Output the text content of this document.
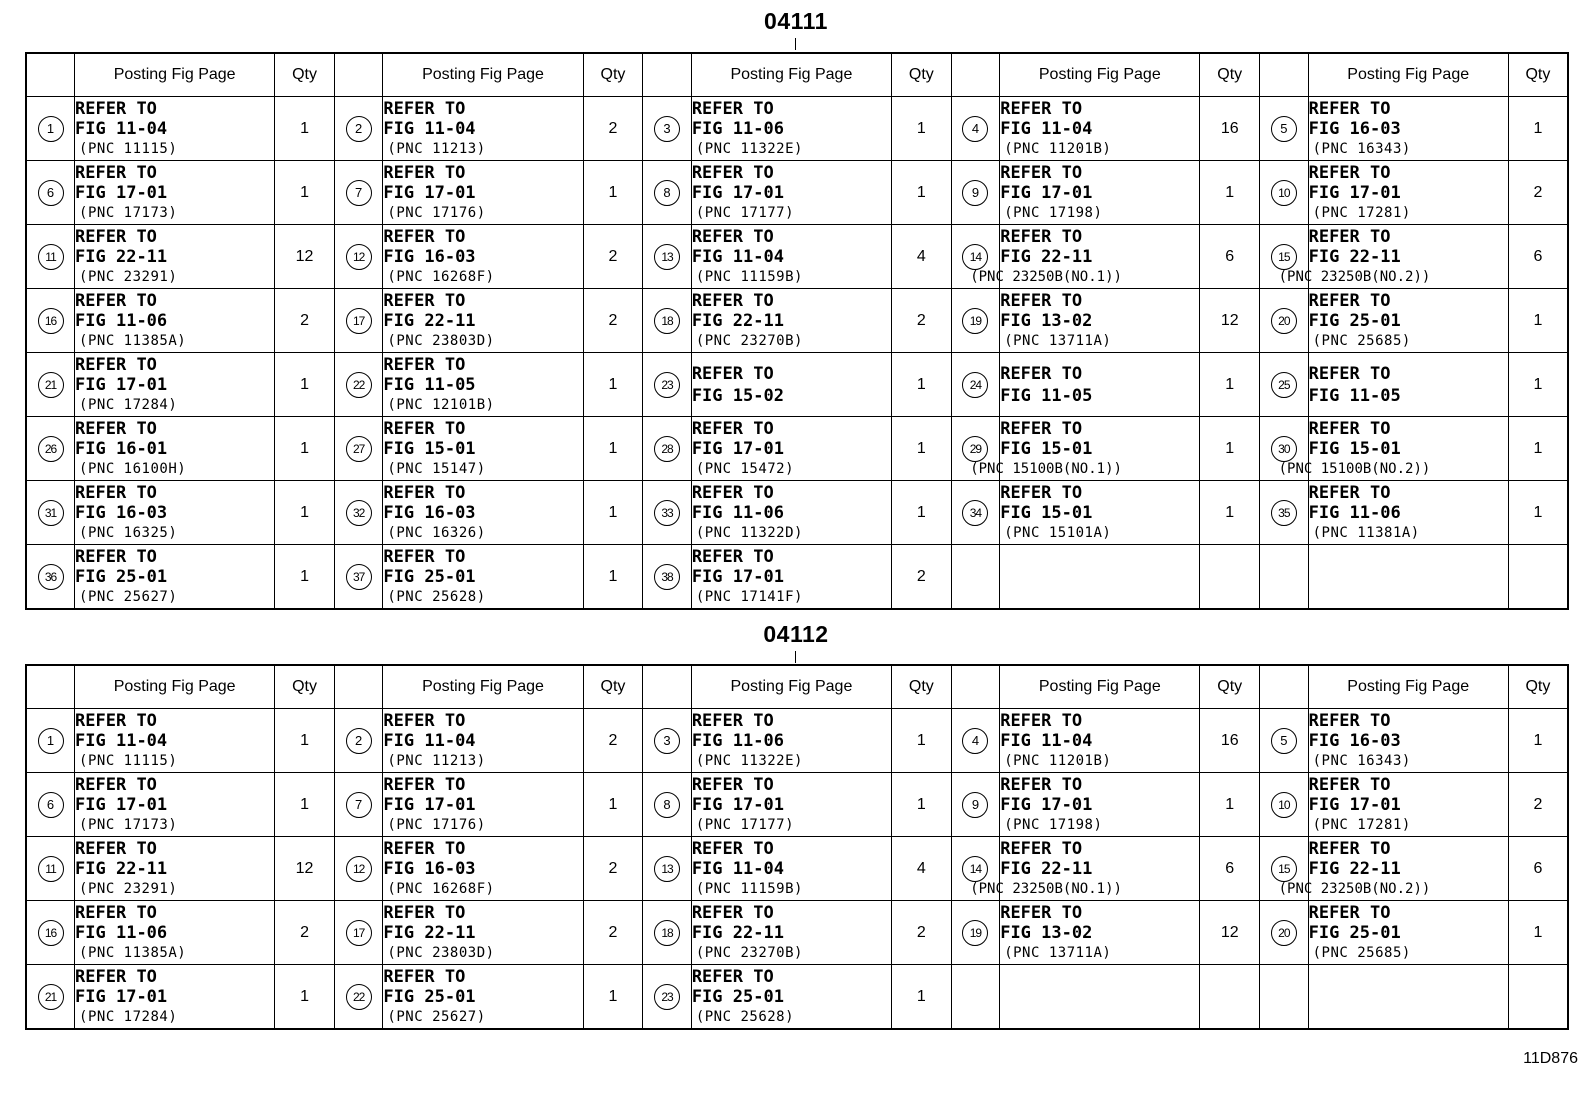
04111
	Posting Fig Page	Qty		Posting Fig Page	Qty		Posting Fig Page	Qty		Posting Fig Page	Qty		Posting Fig Page	Qty
1	REFER TO
FIG 11-04
(PNC 11115)	1	2	REFER TO
FIG 11-04
(PNC 11213)	2	3	REFER TO
FIG 11-06
(PNC 11322E)	1	4	REFER TO
FIG 11-04
(PNC 11201B)	16	5	REFER TO
FIG 16-03
(PNC 16343)	1
6	REFER TO
FIG 17-01
(PNC 17173)	1	7	REFER TO
FIG 17-01
(PNC 17176)	1	8	REFER TO
FIG 17-01
(PNC 17177)	1	9	REFER TO
FIG 17-01
(PNC 17198)	1	10	REFER TO
FIG 17-01
(PNC 17281)	2
11	REFER TO
FIG 22-11
(PNC 23291)	12	12	REFER TO
FIG 16-03
(PNC 16268F)	2	13	REFER TO
FIG 11-04
(PNC 11159B)	4	14	REFER TO
FIG 22-11
(PNC 23250B(NO.1))	6	15	REFER TO
FIG 22-11
(PNC 23250B(NO.2))	6
16	REFER TO
FIG 11-06
(PNC 11385A)	2	17	REFER TO
FIG 22-11
(PNC 23803D)	2	18	REFER TO
FIG 22-11
(PNC 23270B)	2	19	REFER TO
FIG 13-02
(PNC 13711A)	12	20	REFER TO
FIG 25-01
(PNC 25685)	1
21	REFER TO
FIG 17-01
(PNC 17284)	1	22	REFER TO
FIG 11-05
(PNC 12101B)	1	23	REFER TO
FIG 15-02	1	24	REFER TO
FIG 11-05	1	25	REFER TO
FIG 11-05	1
26	REFER TO
FIG 16-01
(PNC 16100H)	1	27	REFER TO
FIG 15-01
(PNC 15147)	1	28	REFER TO
FIG 17-01
(PNC 15472)	1	29	REFER TO
FIG 15-01
(PNC 15100B(NO.1))	1	30	REFER TO
FIG 15-01
(PNC 15100B(NO.2))	1
31	REFER TO
FIG 16-03
(PNC 16325)	1	32	REFER TO
FIG 16-03
(PNC 16326)	1	33	REFER TO
FIG 11-06
(PNC 11322D)	1	34	REFER TO
FIG 15-01
(PNC 15101A)	1	35	REFER TO
FIG 11-06
(PNC 11381A)	1
36	REFER TO
FIG 25-01
(PNC 25627)	1	37	REFER TO
FIG 25-01
(PNC 25628)	1	38	REFER TO
FIG 17-01
(PNC 17141F)	2						
04112
	Posting Fig Page	Qty		Posting Fig Page	Qty		Posting Fig Page	Qty		Posting Fig Page	Qty		Posting Fig Page	Qty
1	REFER TO
FIG 11-04
(PNC 11115)	1	2	REFER TO
FIG 11-04
(PNC 11213)	2	3	REFER TO
FIG 11-06
(PNC 11322E)	1	4	REFER TO
FIG 11-04
(PNC 11201B)	16	5	REFER TO
FIG 16-03
(PNC 16343)	1
6	REFER TO
FIG 17-01
(PNC 17173)	1	7	REFER TO
FIG 17-01
(PNC 17176)	1	8	REFER TO
FIG 17-01
(PNC 17177)	1	9	REFER TO
FIG 17-01
(PNC 17198)	1	10	REFER TO
FIG 17-01
(PNC 17281)	2
11	REFER TO
FIG 22-11
(PNC 23291)	12	12	REFER TO
FIG 16-03
(PNC 16268F)	2	13	REFER TO
FIG 11-04
(PNC 11159B)	4	14	REFER TO
FIG 22-11
(PNC 23250B(NO.1))	6	15	REFER TO
FIG 22-11
(PNC 23250B(NO.2))	6
16	REFER TO
FIG 11-06
(PNC 11385A)	2	17	REFER TO
FIG 22-11
(PNC 23803D)	2	18	REFER TO
FIG 22-11
(PNC 23270B)	2	19	REFER TO
FIG 13-02
(PNC 13711A)	12	20	REFER TO
FIG 25-01
(PNC 25685)	1
21	REFER TO
FIG 17-01
(PNC 17284)	1	22	REFER TO
FIG 25-01
(PNC 25627)	1	23	REFER TO
FIG 25-01
(PNC 25628)	1						
11D876
